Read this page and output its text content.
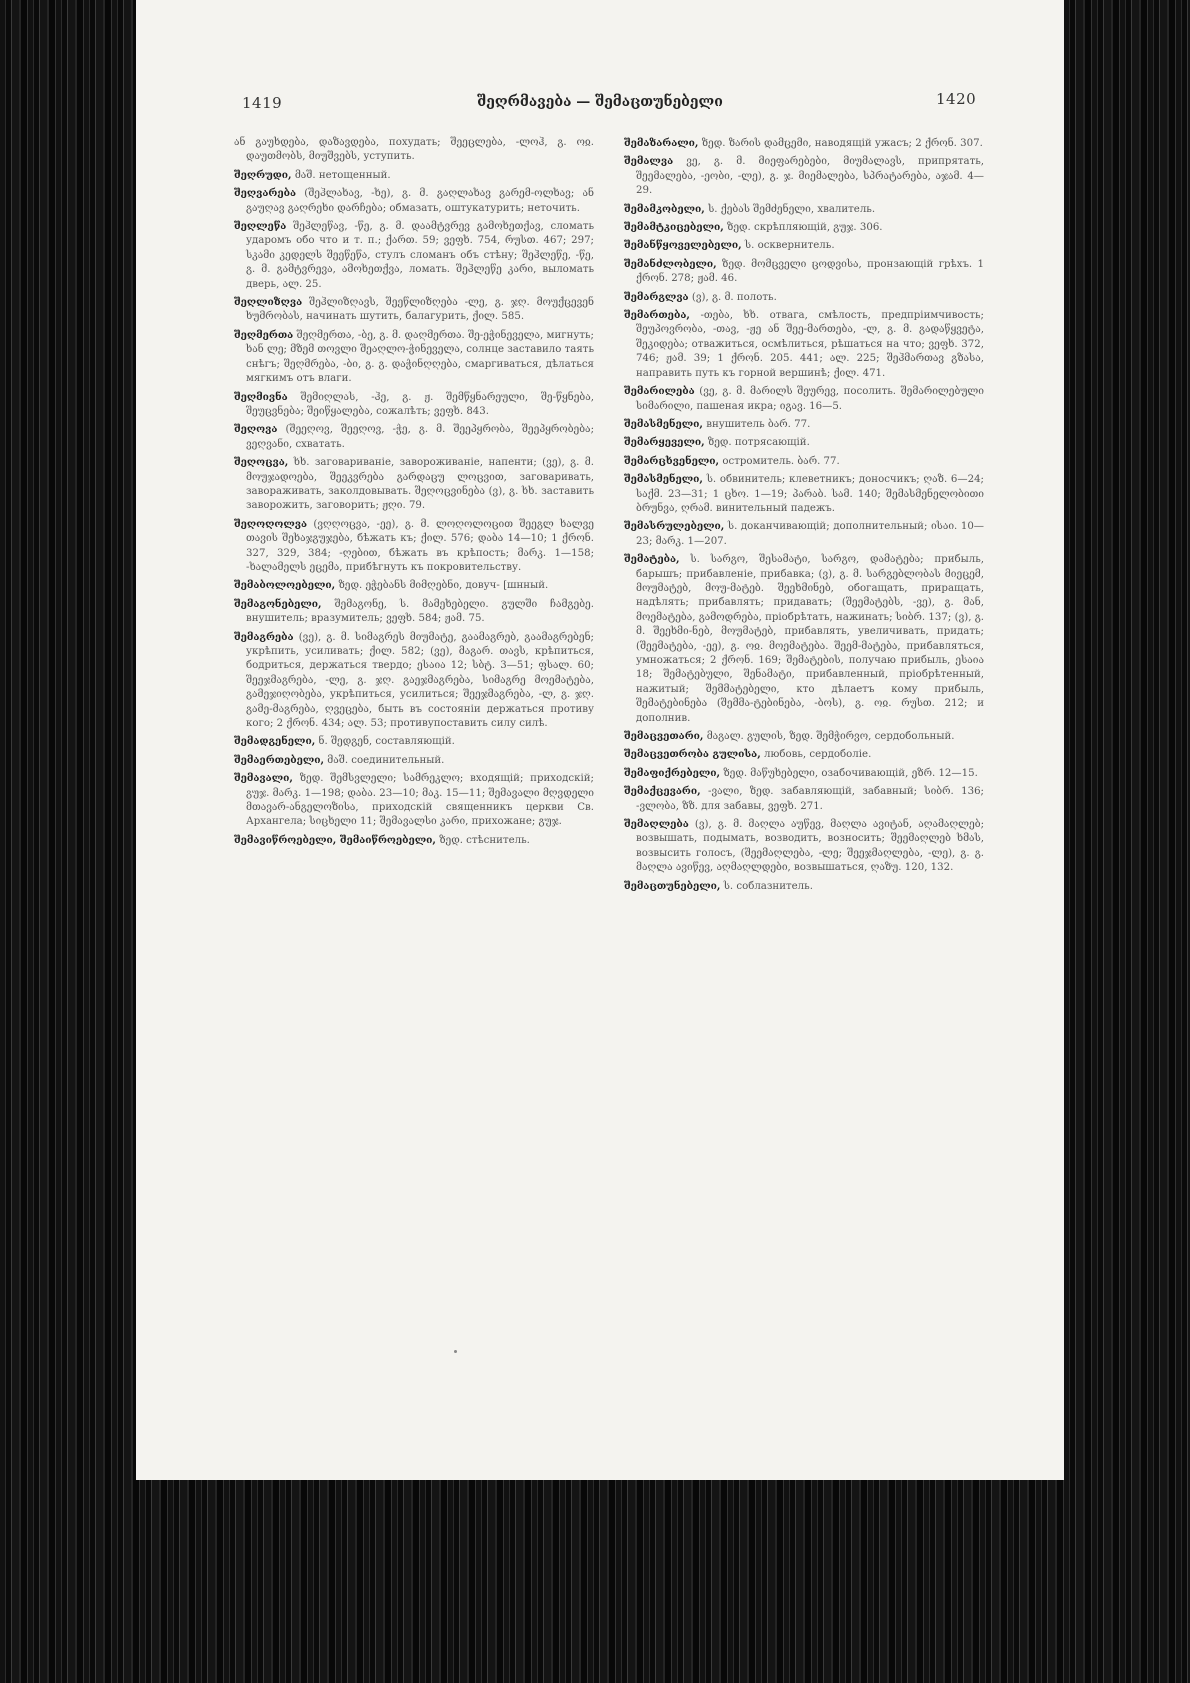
1419	შეღრმავება — შემაცთუნებელი	1420

ან გაუხდება, დაზავდება, похудать; შეეცლება, -ლოჰ, გ. ოჲ. დაუთმობს, მიუშვებს, уступить.

შეღრუდი, მაშ. нетощенный.

შეღვარება (შეჰლახავ, -ხე), გ. მ. გაღლახავ გარემ-ოლხავ; ან გაუღავ გაღრეხი დარჩება; обмазать, оштукатурить; неточить.

შეღლეწა შეჰლეწავ, -წე, გ. მ. დაამტვრევ გამოხეთქავ, сломать ударомъ обо что и т. п.; ქართ. 59; ვეფხ. 754, რუსთ. 467; 297; სკამი კედელს შეეწეწა, стулъ сломанъ объ стѣну; შეჰლეწე, -წე, გ. მ. გამტვრევა, ამოხეთქვა, ломать. შეჰლეწე კარი, выломать дверь, ალ. 25.

შეღლიზღვა შეჰლიზღავს, შეეწლიზღება -ლე, გ. ჯღ. მოუქცევენ ხუმრობას, начинать шутить, балагурить, ქილ. 585.

შეღმერთა შეღმერთა, -ბე, გ. მ. დაღმერთა. შე-ეჭინეველა, мигнуть; ხან ლე; მზემ თოვლი შეაღლო-ჭინეველა, солнце заставило таять снѣгъ; შეღმრება, -ბი, გ. გ. დაჭინღღება, смаргиваться, дѣлаться мягкимъ отъ влаги.

შეღმივნა შემიღლას, -ჰე, გ. ჟ. შემწყნარეული, შე-წყნება, შეუცვნება; შეიწყალება, сожалѣть; ვეფხ. 843.

შეღოვა (შეეღოვ, შეეღოვ, -ჭე, გ. მ. შეეპყრობა, შეეპყრობება; ვეღვანი, схватать.

შეღოცვა, ხხ. заговариваніе, завороживаніе, напенти; (ვე), გ. მ. მოუჯადოება, შეეკვრება გარდაცუ ლოცვით, заговаривать, завораживать, заколдовывать. შეღოცვინება (ვ), გ. ხხ. заставить заворожить, заговорить; ჟღი. 79.

შეღოღოლვა (ვღღოცვა, -ეე), გ. მ. ლოღოლოცით შეეგლ ხალვე თავის შეხაჯგუჯება, бѣжать къ; ქილ. 576; დაბა 14—10; 1 ქრონ. 327, 329, 384; -ღებით, бѣжать въ крѣпость; მარკ. 1—158; -ხალამელს ეცემა, прибѣгнуть къ покровительству.

შემაბოლოებელი, ზედ. ეჭებანს მიმღებნი, довуч- [шнный.

შემაგონებელი, შემაგონე, ს. მამეხებელი. გულში ჩამგებე. внушитель; вразумитель; ვეფხ. 584; ჟამ. 75.

შემაგრება (ვე), გ. მ. სიმაგრეს მიუმატე, გაამაგრებ, გაამაგრებენ; укрѣпить, усиливать; ქილ. 582; (ვე), მაგარ. თავს, крѣпиться, бодриться, держаться твердо; ესაია 12; სბტ. 3—51; ფსალ. 60; შეეჯმაგრება, -ლე, გ. ჯღ. გაეჯმაგრება, სიმაგრე მოემატება, გამეჯიღობება, укрѣпиться, усилиться; შეეჯმაგრება, -ლ, გ. ჯღ. გამე-მაგრება, ღვეცება, быть въ состояніи держаться противу кого; 2 ქრონ. 434; ალ. 53; противупоставить силу силѣ.

შემადგენელი, ნ. შედგენ, составляющій.

შემაერთებელი, მაშ. соединительный.

შემავალი, ზედ. შემსვლელი; სამრეკლო; входящій; приходскій; გუჯ. მარკ. 1—198; დაბა. 23—10; მაკ. 15—11; შემავალი მღვდელი მთავარ-ანგელოზისა, приходскій священникъ церкви Св. Архангела; სიცხელი 11; შემავალსი კარი, прихожане; გუჯ.

შემავიწროებელი, შემაიწროებელი, ზედ. стѣснитель.

შემაზარალი, ზედ. ზარის დამცემი, наводящій ужасъ; 2 ქრონ. 307.

შემალვა ვე, გ. მ. მიეფარებები, მიუმალავს, припрятать, შეემალება, -ეობი, -ლე), გ. ჯ. მიემალება, სპრატარება, აჯამ. 4—29.

შემამკობელი, ს. ქებას შემძენელი, хвалитель.

შემამტკიცებელი, ზედ. скрѣпляющій, გუჯ. 306.

შემანწყოველებელი, ს. осквернитель.

შემანძლობელი, ზედ. მომცველი ცოდვისა, пронзающій грѣхъ. 1 ქრონ. 278; ჟამ. 46.

შემარგლვა (ვ), გ. მ. полоть.

შემართება, -თება, ხხ. отвага, смѣлость, предпріимчивость; შეუპოვრობა, -თავ, -ჟე ან შეე-მართება, -ლ, გ. მ. გადაწყვეტა, შეკიდება; отважиться, осмѣлиться, рѣшаться на что; ვეფხ. 372, 746; ჟამ. 39; 1 ქრონ. 205. 441; ალ. 225; შეჰმართავ გზასა, направить путь къ горной вершинѣ; ქილ. 471.

შემარილება (ვე, გ. მ. მარილს შეურევ, посолить. შემარილებული სიმარილი, пашеная икра; იგავ. 16—5.

შემასმენელი, внушитель ბარ. 77.

შემარყეველი, ზედ. потрясающій.

შემარცხვენელი, остромитель. ბარ. 77.

შემასმენელი, ს. обвинитель; клеветникъ; доносчикъ; ღაზ. 6—24; საქმ. 23—31; 1 ცხო. 1—19; პარაბ. სამ. 140; შემასმენელობითი ბრუნვა, ღრამ. винительный падежъ.

შემასრულებელი, ს. доканчивающій; дополнительный; ისაი. 10—23; მარკ. 1—207.

შემატება, ს. სარგო, შესამატი, სარგო, დამატება; прибыль, барышъ; прибавленіе, прибавка; (ვ), გ. მ. სარგებლობას მიეცემ, მოუმატებ, მოუ-მატებ. შეეხმინებ, обогащать, приращать, надѣлять; прибавлять; придавать; (შეემატებს, -ვე), გ. მან, მოემატება, გამოდრება, пріобрѣтать, нажинать; სიბრ. 137; (ვ), გ. მ. შეეხმი-ნებ, მოუმატებ, прибавлять, увеличивать, придать; (შეემატება, -ეე), გ. ოჲ. მოემატება. შეემ-მატება, прибавляться, умножаться; 2 ქრონ. 169; შემატების, получаю прибыль, ესაია 18; შემატებული, შენამატი, прибавленный, пріобрѣтенный, нажитый; შემმატებელი, кто дѣлаетъ кому прибыль, შემატებინება (შემმა-ტებინება, -ბოს), გ. ოჲ. რუსთ. 212; и дополнив.

შემაცვეთარი, მაგალ. გულის, ზედ. შემჭირვო, сердобольный.

შემაცვეთრობა გულისა, любовь, сердоболіе.

შემაფიქრებელი, ზედ. მაწუხებელი, озабочивающій, ეზრ. 12—15.

შემაქცევარი, -ვალი, ზედ. забавляющій, забавный; სიბრ. 136; -ვლობა, ზზ. для забавы, ვეფხ. 271.

შემაღლება (ვ), გ. მ. მაღლა აუწევ, მაღლა ავიტან, აღამაღლებ; возвышать, подымать, возводить, возносить; შეემაღლებ ხმას, возвысить голосъ, (შეემაღლება, -ლე; შეეჯმაღლება, -ლე), გ. გ. მაღლა ავიწევ, აღმაღლდები, возвышаться, ღაზუ. 120, 132.

შემაცთუნებელი, ს. соблазнитель.
